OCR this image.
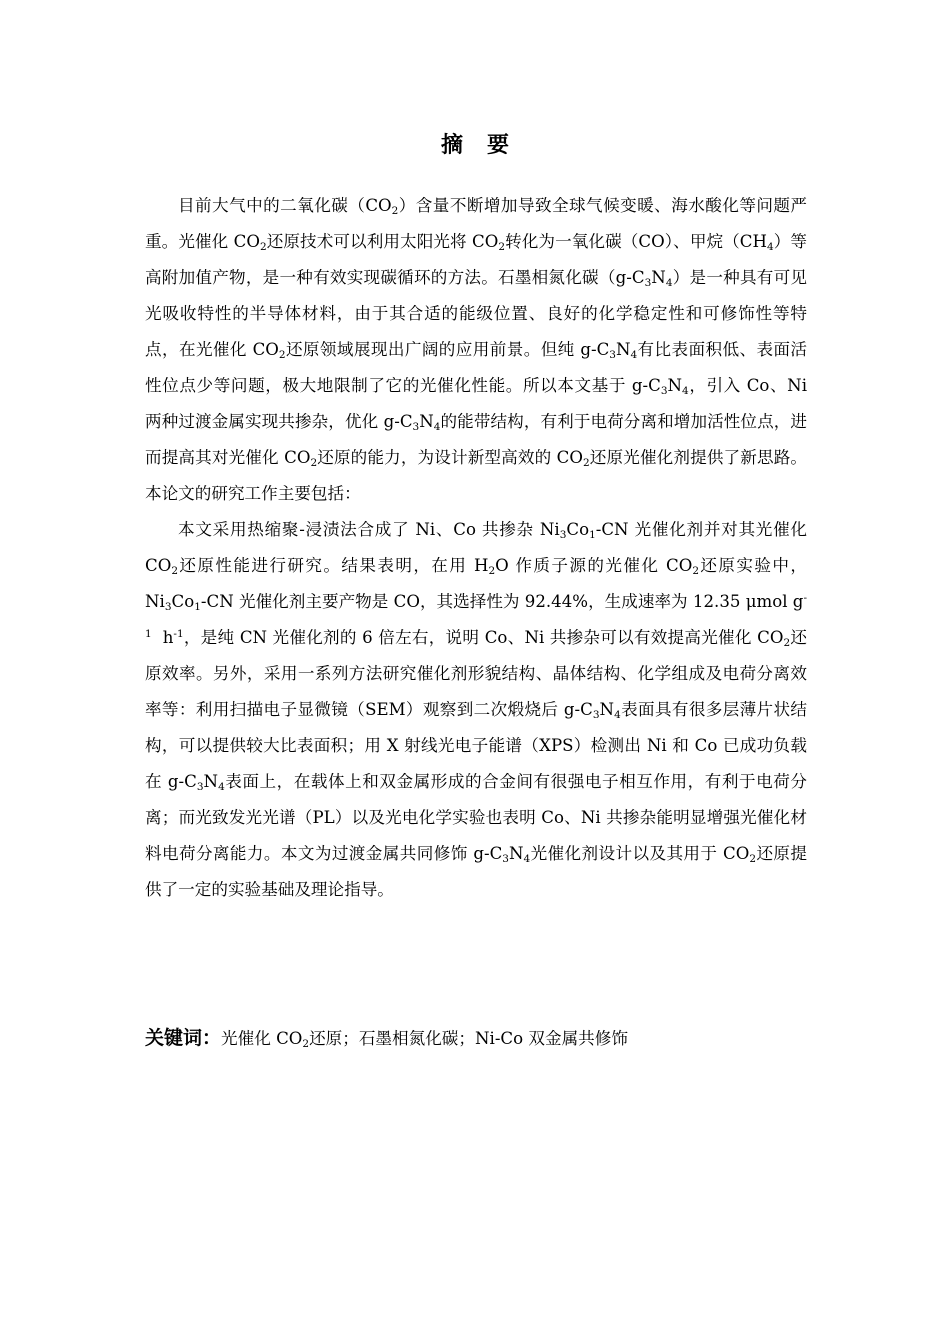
摘 要

目前大气中的二氧化碳$(CO_2)$含量不断增加导致全球气候变暖、海水酸化等问题严重。光催化 $CO_2$还原技术可以利用太阳光将 $CO_2$转化为一氧化碳（CO）、甲烷$(CH_4)$等高附加值产物，是一种有效实现碳循环的方法。石墨相氮化碳$(g-C_3N_4)$是一种具有可见光吸收特性的半导体材料，由于其合适的能级位置、良好的化学稳定性和可修饰性等特点，在光催化 $CO_2$还原领域展现出广阔的应用前景。但纯 $g-C_3N_4$有比表面积低、表面活性位点少等问题，极大地限制了它的光催化性能。所以本文基于 $g-C_3N_4$，引入 Co、Ni 两种过渡金属实现共掺杂，优化 $g-C_3N_4$的能带结构，有利于电荷分离和增加活性位点，进而提高其对光催化 $CO_2$还原的能力，为设计新型高效的 $CO_2$还原光催化剂提供了新思路。本论文的研究工作主要包括：

本文采用热缩聚-浸渍法合成了 Ni、Co 共掺杂 $Ni_3Co_1-CN$ 光催化剂并对其光催化 $CO_2$还原性能进行研究。结果表明，在用 $H_2O$ 作质子源的光催化 $CO_2$还原实验中，$Ni_3Co_1-CN$ 光催化剂主要产物是 CO，其选择性为 92.44%，生成速率为 12.35 μmol $g^{-1}$  $h^{-1}$，是纯 CN 光催化剂的 6 倍左右，说明 Co、Ni 共掺杂可以有效提高光催化 $CO_2$还原效率。另外，采用一系列方法研究催化剂形貌结构、晶体结构、化学组成及电荷分离效率等：利用扫描电子显微镜（SEM）观察到二次煅烧后 $g-C_3N_4$表面具有很多层薄片状结构，可以提供较大比表面积；用 X 射线光电子能谱（XPS）检测出 Ni 和 Co 已成功负载在 $g-C_3N_4$表面上，在载体上和双金属形成的合金间有很强电子相互作用，有利于电荷分离；而光致发光光谱（PL）以及光电化学实验也表明 Co、Ni 共掺杂能明显增强光催化材料电荷分离能力。本文为过渡金属共同修饰 $g-C_3N_4$光催化剂设计以及其用于 $CO_2$还原提供了一定的实验基础及理论指导。

关键词：光催化 $CO_2$还原；石墨相氮化碳；Ni-Co 双金属共修饰
